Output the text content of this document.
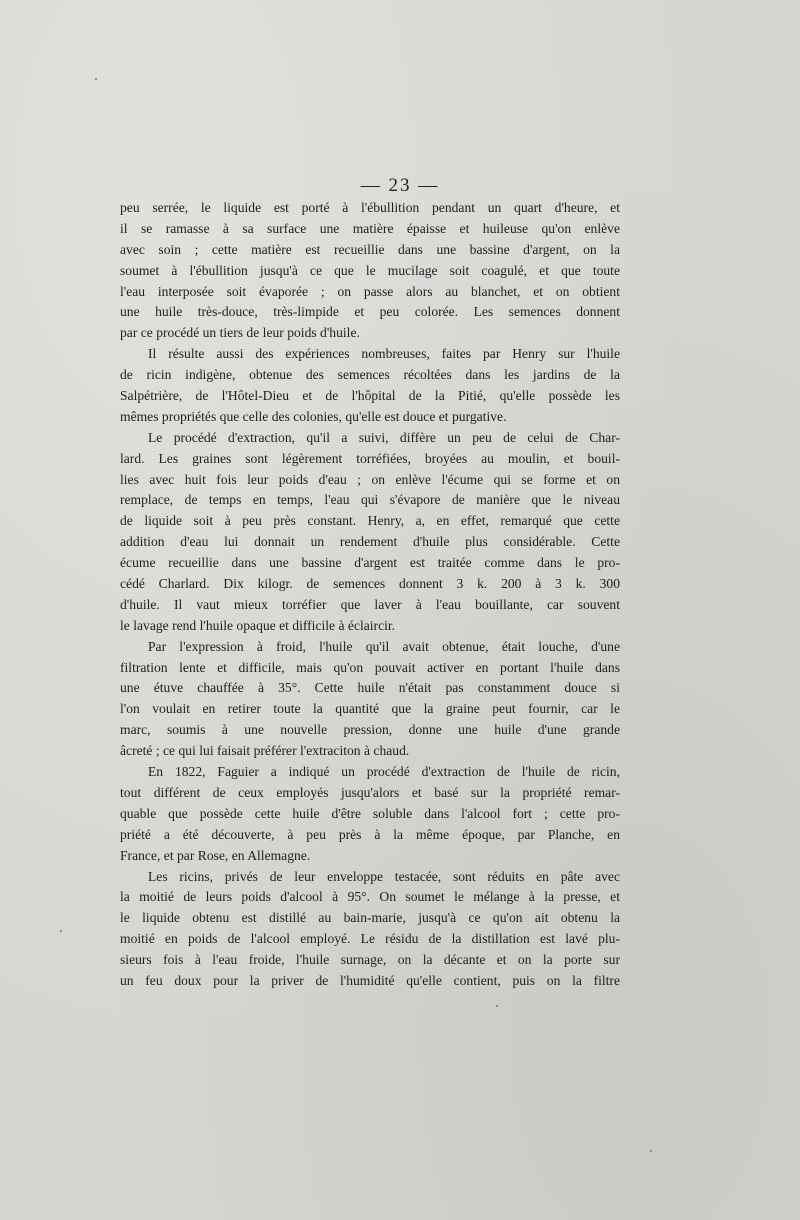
— 23 —
peu serrée, le liquide est porté à l'ébullition pendant un quart d'heure, et
il se ramasse à sa surface une matière épaisse et huileuse qu'on enlève
avec soin ; cette matière est recueillie dans une bassine d'argent, on la
soumet à l'ébullition jusqu'à ce que le mucilage soit coagulé, et que toute
l'eau interposée soit évaporée ; on passe alors au blanchet, et on obtient
une huile très-douce, très-limpide et peu colorée. Les semences donnent
par ce procédé un tiers de leur poids d'huile.
Il résulte aussi des expériences nombreuses, faites par Henry sur l'huile
de ricin indigène, obtenue des semences récoltées dans les jardins de la
Salpétrière, de l'Hôtel-Dieu et de l'hôpital de la Pitié, qu'elle possède les
mêmes propriétés que celle des colonies, qu'elle est douce et purgative.
Le procédé d'extraction, qu'il a suivi, diffère un peu de celui de Char-
lard. Les graines sont légèrement torréfiées, broyées au moulin, et bouil-
lies avec huit fois leur poids d'eau ; on enlève l'écume qui se forme et on
remplace, de temps en temps, l'eau qui s'évapore de manière que le niveau
de liquide soit à peu près constant. Henry, a, en effet, remarqué que cette
addition d'eau lui donnait un rendement d'huile plus considérable. Cette
écume recueillie dans une bassine d'argent est traitée comme dans le pro-
cédé Charlard. Dix kilogr. de semences donnent 3 k. 200 à 3 k. 300
d'huile. Il vaut mieux torréfier que laver à l'eau bouillante, car souvent
le lavage rend l'huile opaque et difficile à éclaircir.
Par l'expression à froid, l'huile qu'il avait obtenue, était louche, d'une
filtration lente et difficile, mais qu'on pouvait activer en portant l'huile dans
une étuve chauffée à 35°. Cette huile n'était pas constamment douce si
l'on voulait en retirer toute la quantité que la graine peut fournir, car le
marc, soumis à une nouvelle pression, donne une huile d'une grande
âcreté ; ce qui lui faisait préférer l'extraciton à chaud.
En 1822, Faguier a indiqué un procédé d'extraction de l'huile de ricin,
tout différent de ceux employés jusqu'alors et basé sur la propriété remar-
quable que possède cette huile d'être soluble dans l'alcool fort ; cette pro-
priété a été découverte, à peu près à la même époque, par Planche, en
France, et par Rose, en Allemagne.
Les ricins, privés de leur enveloppe testacée, sont réduits en pâte avec
la moitié de leurs poids d'alcool à 95°. On soumet le mélange à la presse, et
le liquide obtenu est distillé au bain-marie, jusqu'à ce qu'on ait obtenu la
moitié en poids de l'alcool employé. Le résidu de la distillation est lavé plu-
sieurs fois à l'eau froide, l'huile surnage, on la décante et on la porte sur
un feu doux pour la priver de l'humidité qu'elle contient, puis on la filtre
